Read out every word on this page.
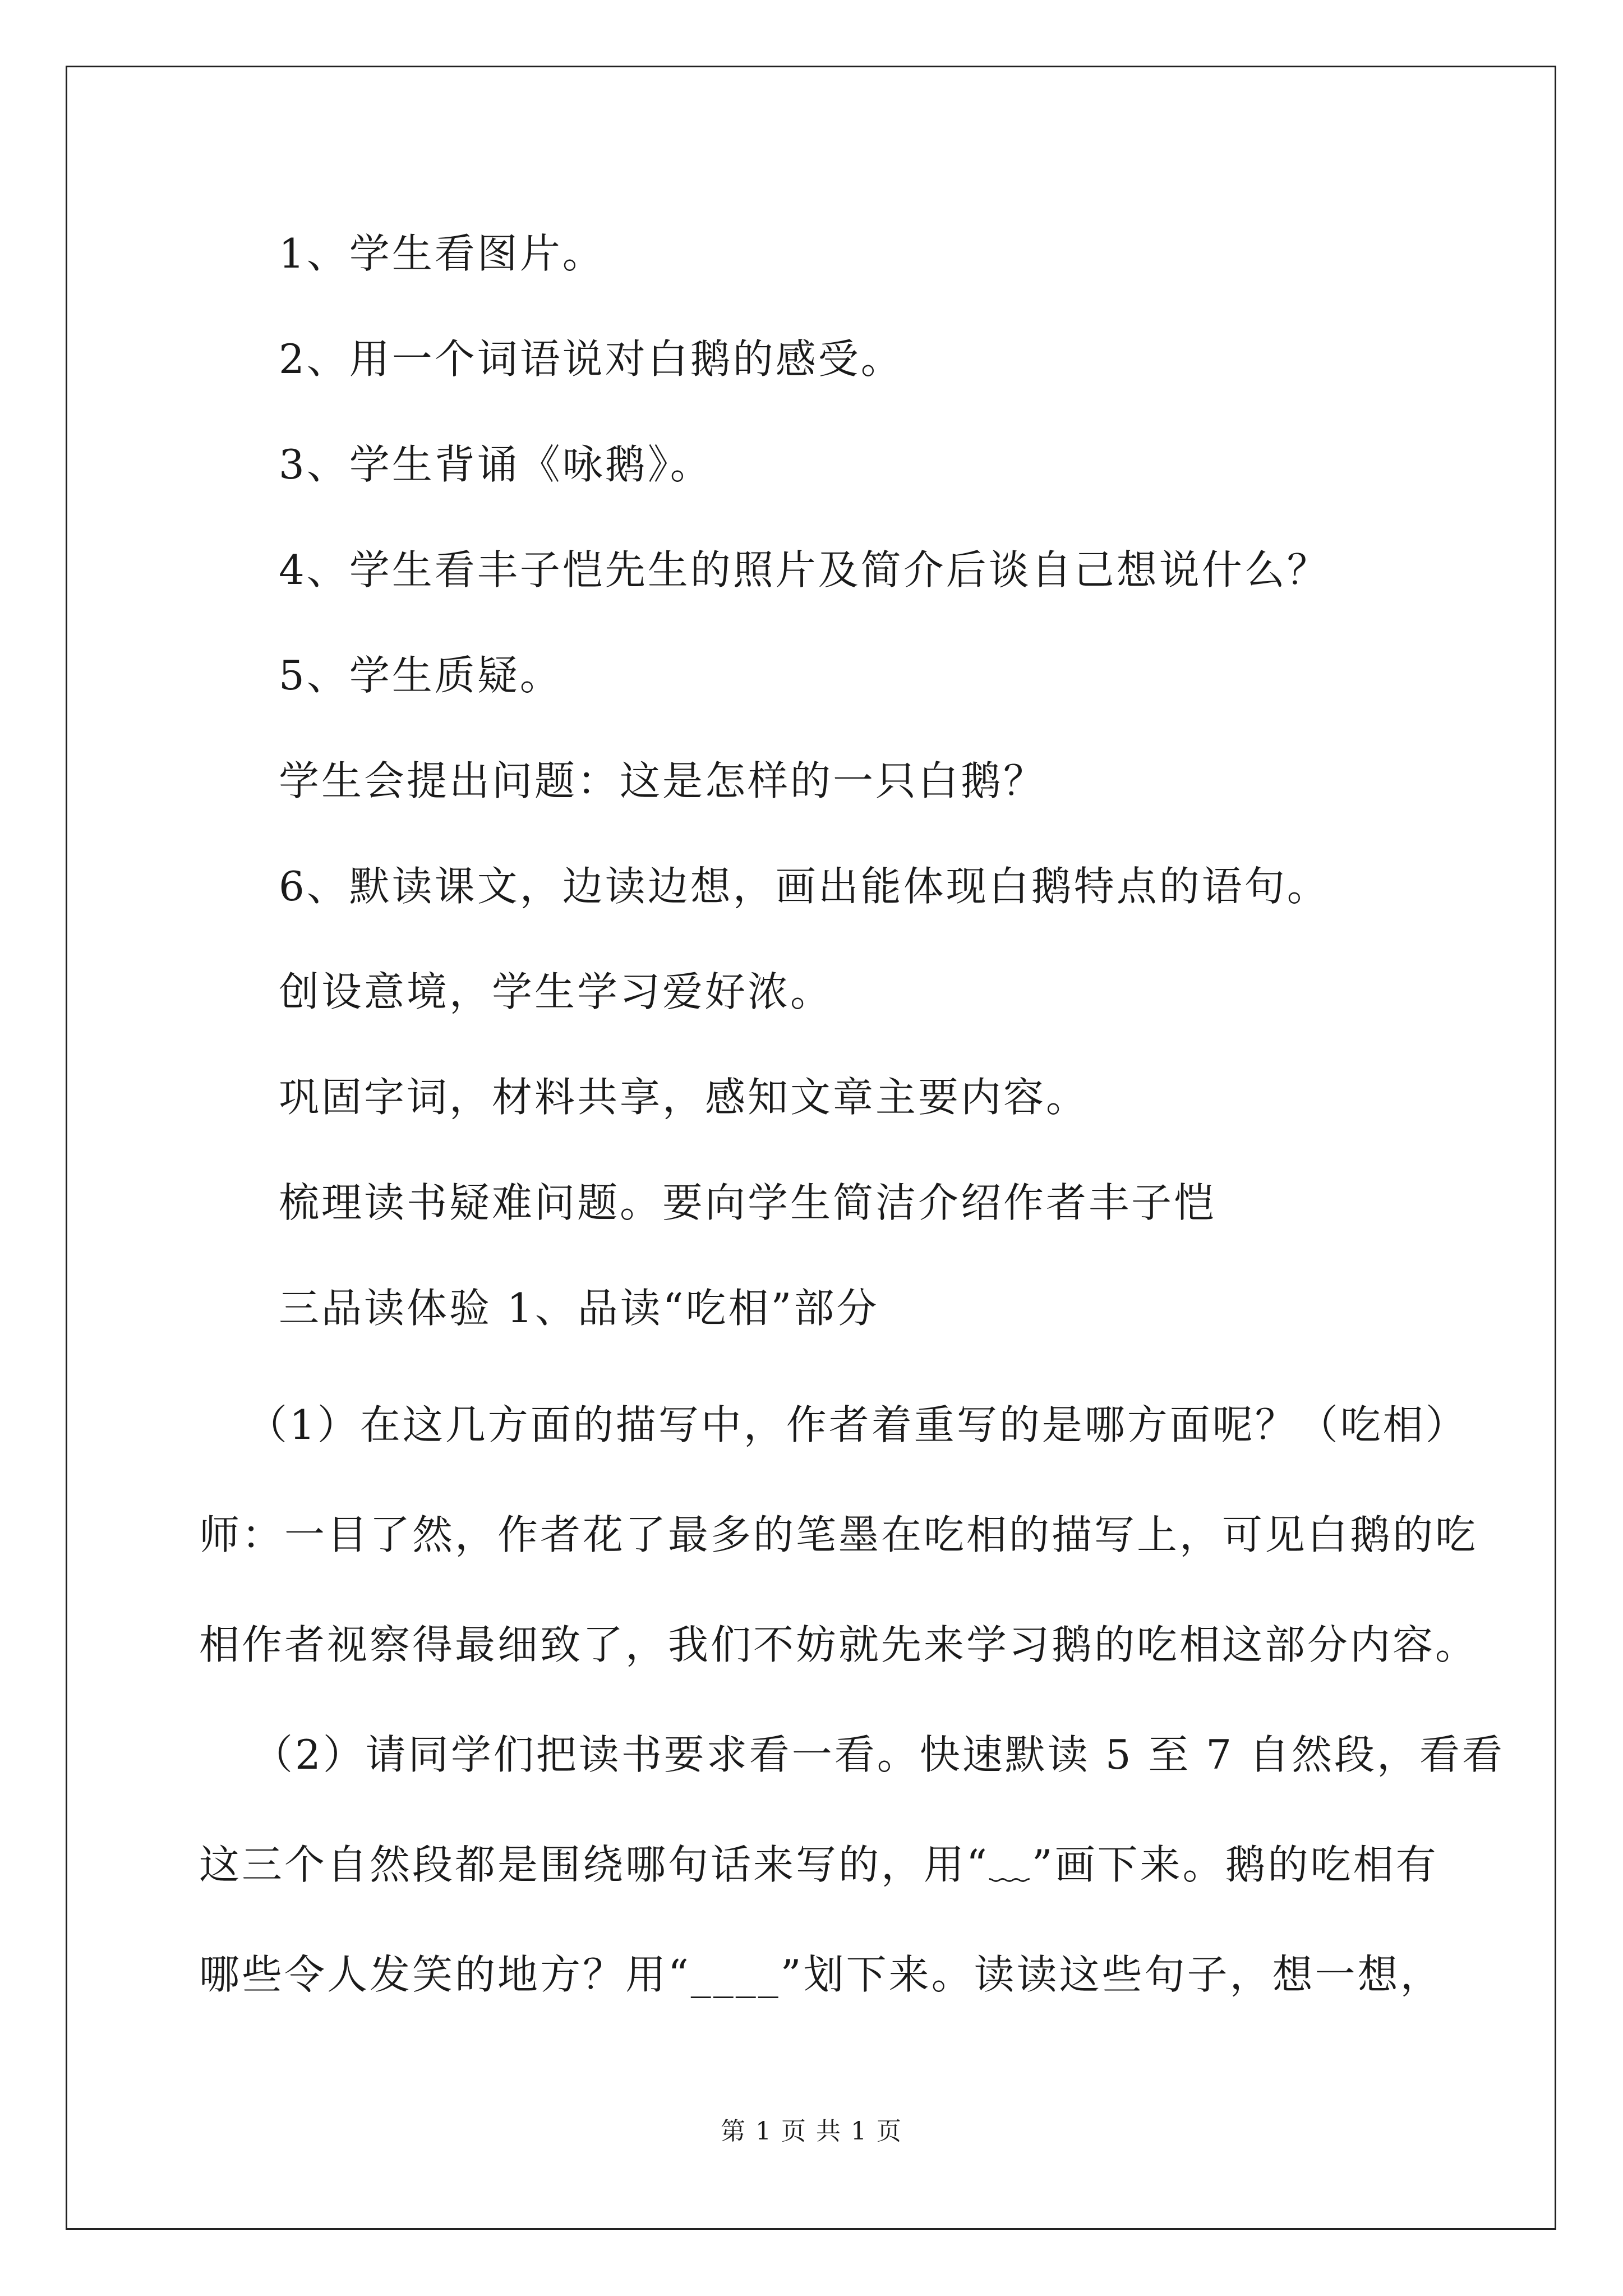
1、学生看图片。
2、用一个词语说对白鹅的感受。
3、学生背诵《咏鹅》。
4、学生看丰子恺先生的照片及简介后谈自己想说什么？
5、学生质疑。
学生会提出问题：这是怎样的一只白鹅？
6、默读课文，边读边想，画出能体现白鹅特点的语句。
创设意境，学生学习爱好浓。
巩固字词，材料共享，感知文章主要内容。
梳理读书疑难问题。要向学生简洁介绍作者丰子恺
三品读体验 1、品读“吃相”部分
（1）在这几方面的描写中，作者着重写的是哪方面呢？（吃相）
师：一目了然，作者花了最多的笔墨在吃相的描写上，可见白鹅的吃
相作者视察得最细致了，我们不妨就先来学习鹅的吃相这部分内容。
（2）请同学们把读书要求看一看。快速默读 5 至 7 自然段，看看
这三个自然段都是围绕哪句话来写的，用“﹏”画下来。鹅的吃相有
哪些令人发笑的地方？用“____”划下来。读读这些句子，想一想，
第 1 页 共 1 页
